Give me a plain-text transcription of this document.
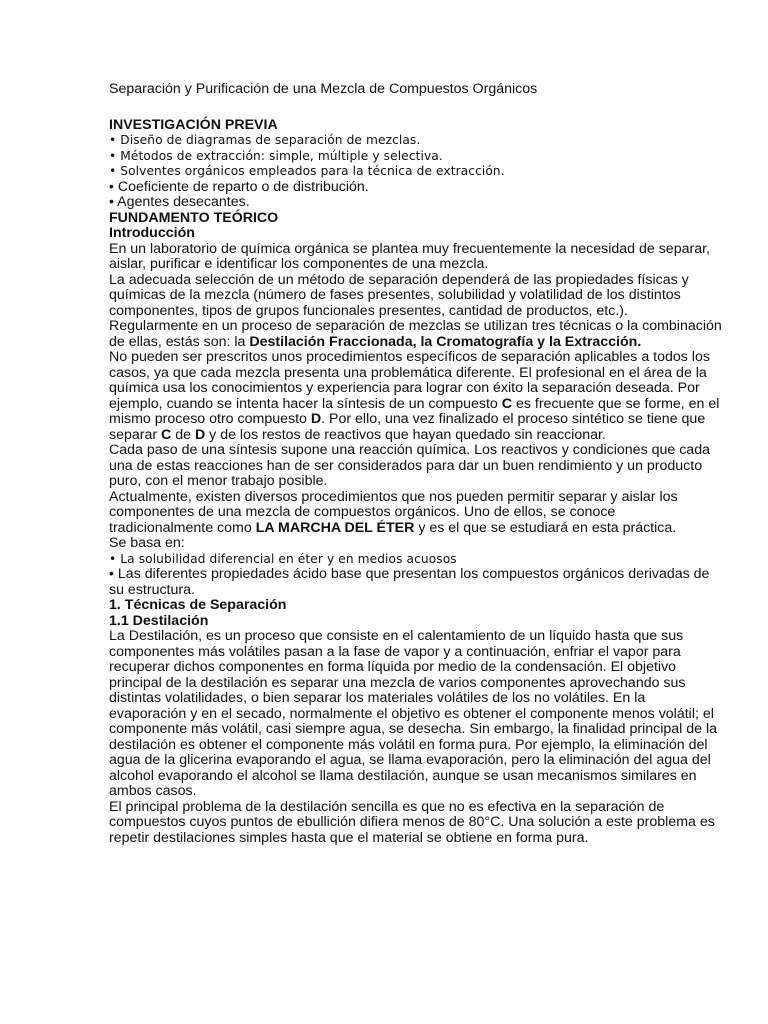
Separación y Purificación de una Mezcla de Compuestos Orgánicos
INVESTIGACIÓN PREVIA
• Diseño de diagramas de separación de mezclas.
• Métodos de extracción: simple, múltiple y selectiva.
• Solventes orgánicos empleados para la técnica de extracción.
• Coeficiente de reparto o de distribución.
• Agentes desecantes.
FUNDAMENTO TEÓRICO
Introducción

En un laboratorio de química orgánica se plantea muy frecuentemente la necesidad de separar, aislar, purificar e identificar los componentes de una mezcla.

La adecuada selección de un método de separación dependerá de las propiedades físicas y químicas de la mezcla (número de fases presentes, solubilidad y volatilidad de los distintos componentes, tipos de grupos funcionales presentes, cantidad de productos, etc.).

Regularmente en un proceso de separación de mezclas se utilizan tres técnicas o la combinación de ellas, estás son: la Destilación Fraccionada, la Cromatografía y la Extracción.

No pueden ser prescritos unos procedimientos específicos de separación aplicables a todos los casos, ya que cada mezcla presenta una problemática diferente. El profesional en el área de la química usa los conocimientos y experiencia para lograr con éxito la separación deseada. Por ejemplo, cuando se intenta hacer la síntesis de un compuesto C es frecuente que se forme, en el mismo proceso otro compuesto D. Por ello, una vez finalizado el proceso sintético se tiene que separar C de D y de los restos de reactivos que hayan quedado sin reaccionar.

Cada paso de una síntesis supone una reacción química. Los reactivos y condiciones que cada una de estas reacciones han de ser considerados para dar un buen rendimiento y un producto puro, con el menor trabajo posible.

Actualmente, existen diversos procedimientos que nos pueden permitir separar y aislar los componentes de una mezcla de compuestos orgánicos. Uno de ellos, se conoce tradicionalmente como LA MARCHA DEL ÉTER y es el que se estudiará en esta práctica.

Se basa en:

• La solubilidad diferencial en éter y en medios acuosos
• Las diferentes propiedades ácido base que presentan los compuestos orgánicos derivadas de su estructura.
1. Técnicas de Separación
1.1 Destilación

La Destilación, es un proceso que consiste en el calentamiento de un líquido hasta que sus componentes más volátiles pasan a la fase de vapor y a continuación, enfriar el vapor para recuperar dichos componentes en forma líquida por medio de la condensación. El objetivo principal de la destilación es separar una mezcla de varios componentes aprovechando sus distintas volatilidades, o bien separar los materiales volátiles de los no volátiles. En la evaporación y en el secado, normalmente el objetivo es obtener el componente menos volátil; el componente más volátil, casi siempre agua, se desecha. Sin embargo, la finalidad principal de la destilación es obtener el componente más volátil en forma pura. Por ejemplo, la eliminación del agua de la glicerina evaporando el agua, se llama evaporación, pero la eliminación del agua del alcohol evaporando el alcohol se llama destilación, aunque se usan mecanismos similares en ambos casos.

El principal problema de la destilación sencilla es que no es efectiva en la separación de compuestos cuyos puntos de ebullición difiera menos de 80°C. Una solución a este problema es repetir destilaciones simples hasta que el material se obtiene en forma pura.
